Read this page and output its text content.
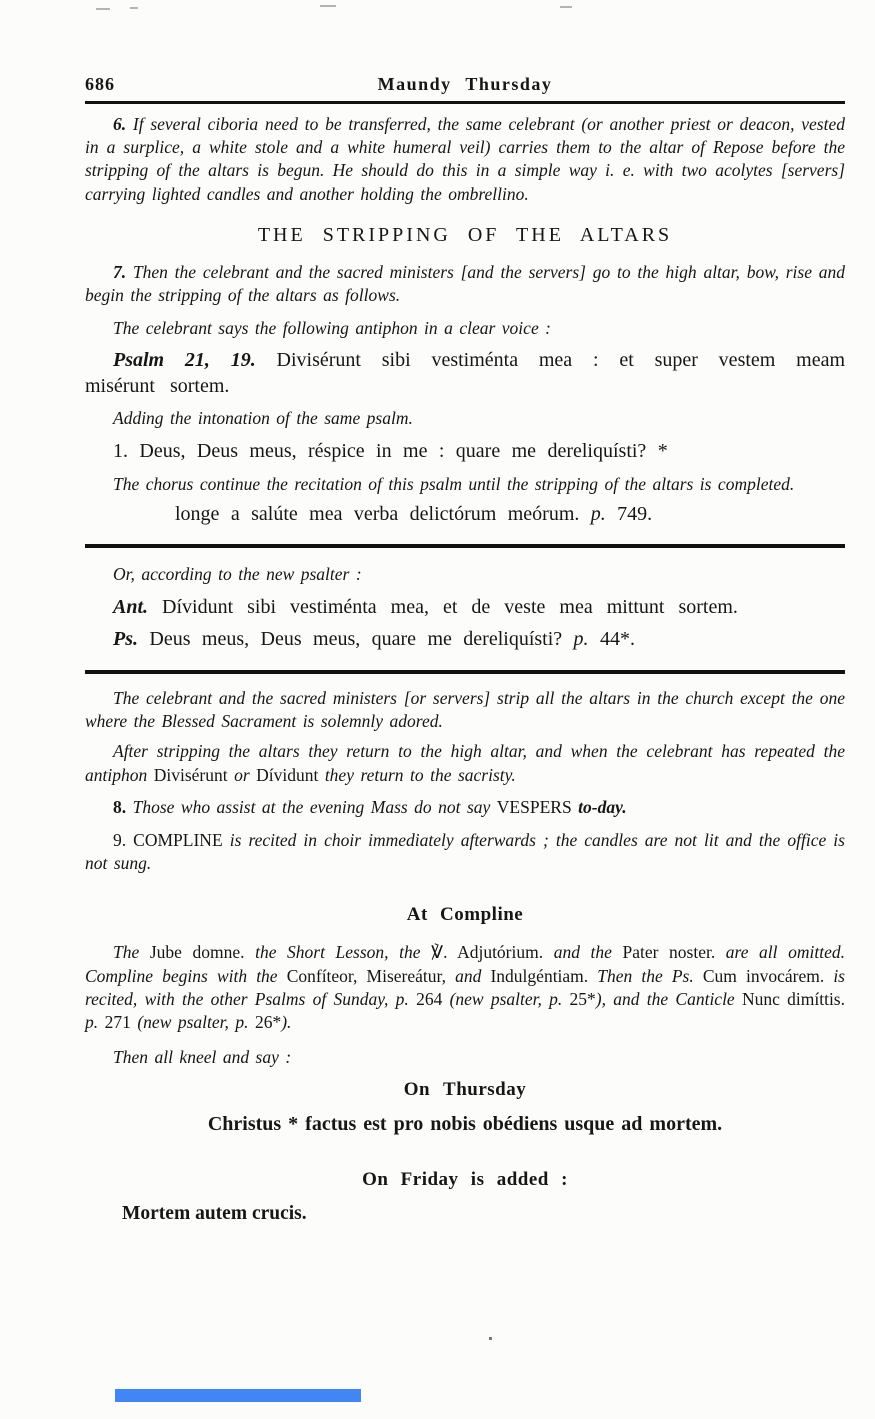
686	Maundy Thursday

6. If several ciboria need to be transferred, the same celebrant (or another priest or deacon, vested in a surplice, a white stole and a white humeral veil) carries them to the altar of Repose before the stripping of the altars is begun. He should do this in a simple way i. e. with two acolytes [servers] carrying lighted candles and another holding the ombrellino.

THE STRIPPING OF THE ALTARS

7. Then the celebrant and the sacred ministers [and the servers] go to the high altar, bow, rise and begin the stripping of the altars as follows.

The celebrant says the following antiphon in a clear voice :

Psalm 21, 19. Divisérunt sibi vestiménta mea : et super vestem meam misérunt sortem.

Adding the intonation of the same psalm.

1. Deus, Deus meus, réspice in me : quare me dereliquísti? *

The chorus continue the recitation of this psalm until the stripping of the altars is completed.

longe a salúte mea verba delictórum meórum. p. 749.

Or, according to the new psalter :

Ant. Dívidunt sibi vestiménta mea, et de veste mea mittunt sortem.

Ps. Deus meus, Deus meus, quare me dereliquísti? p. 44*.

The celebrant and the sacred ministers [or servers] strip all the altars in the church except the one where the Blessed Sacrament is solemnly adored.

After stripping the altars they return to the high altar, and when the celebrant has repeated the antiphon Divisérunt or Dívidunt they return to the sacristy.

8. Those who assist at the evening Mass do not say VESPERS to-day.

9. COMPLINE is recited in choir immediately afterwards ; the candles are not lit and the office is not sung.

At Compline

The Jube domne. the Short Lesson, the ℣. Adjutórium. and the Pater noster. are all omitted. Compline begins with the Confíteor, Misereátur, and Indulgéntiam. Then the Ps. Cum invocárem. is recited, with the other Psalms of Sunday, p. 264 (new psalter, p. 25*), and the Canticle Nunc dimíttis. p. 271 (new psalter, p. 26*).

Then all kneel and say :

On Thursday

Christus * factus est pro nobis obédiens usque ad mortem.

On Friday is added :

Mortem autem crucis.
